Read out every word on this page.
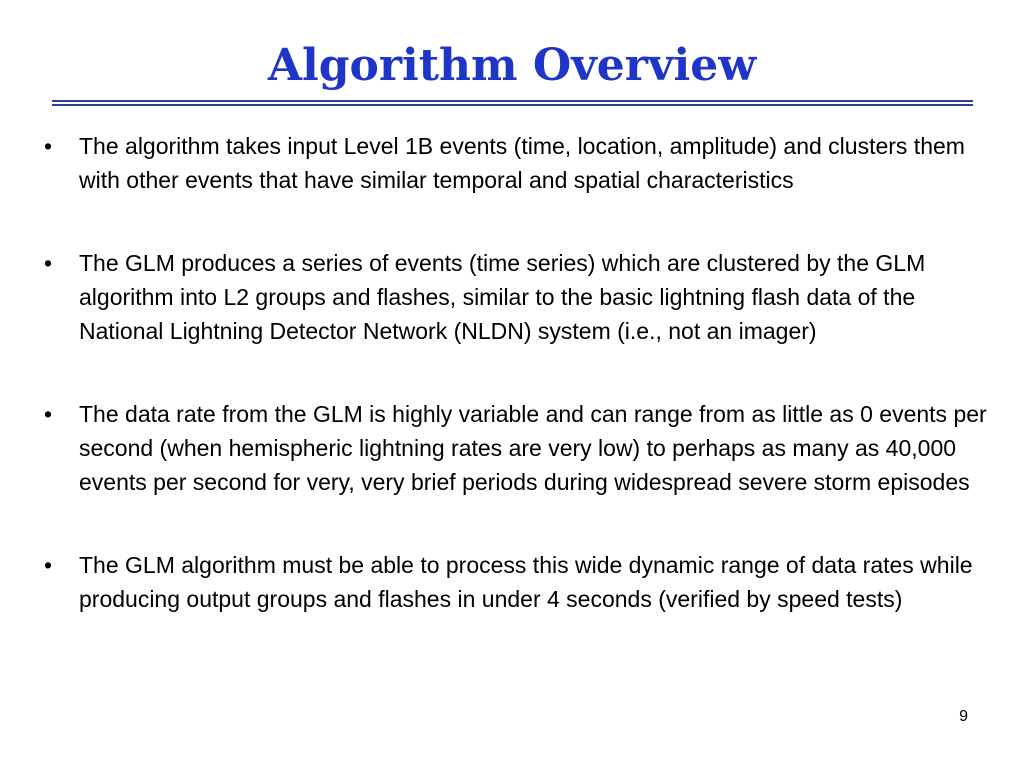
Algorithm Overview
•	The algorithm takes input Level 1B events (time, location, amplitude) and clusters them with other events that have similar temporal and spatial characteristics
•	The GLM produces a series of events (time series) which are clustered by the GLM algorithm into L2 groups and flashes, similar to the basic lightning flash data of the National Lightning Detector Network (NLDN) system (i.e., not an imager)
•	The data rate from the GLM is highly variable and can range from as little as 0 events per second (when hemispheric lightning rates are very low) to perhaps as many as 40,000 events per second for very, very brief periods during widespread severe storm episodes
•	The GLM algorithm must be able to process this wide dynamic range of data rates while producing output groups and flashes in under 4 seconds (verified by speed tests)
9
